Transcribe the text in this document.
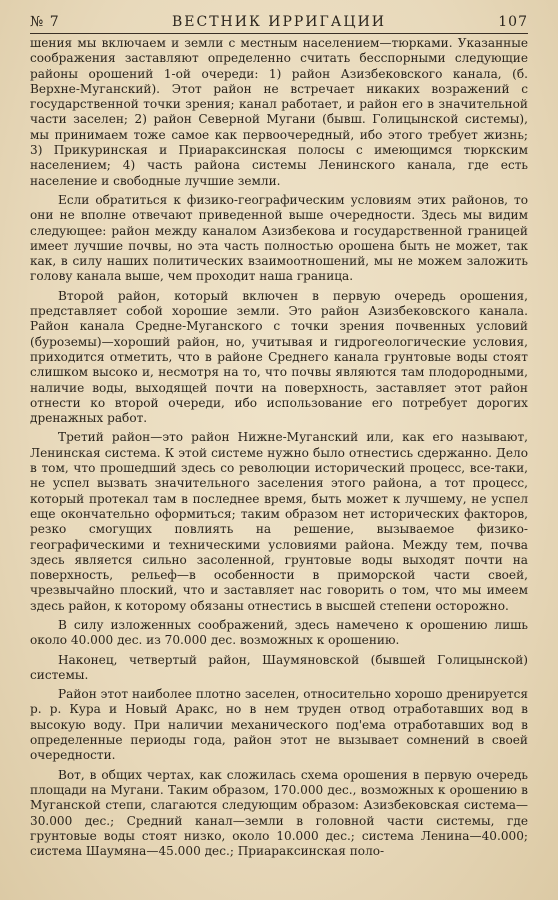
№ 7	ВЕСТНИК ИРРИГАЦИИ	107

шения мы включаем и земли с местным населением—тюрками. Указанные соображения заставляют определенно считать бесспорными следующие районы орошений 1-ой очереди: 1) район Азизбековского канала, (б. Верхне-Муганский). Этот район не встречает никаких возражений с государственной точки зрения; канал работает, и район его в значительной части заселен; 2) район Северной Мугани (бывш. Голицынской системы), мы принимаем тоже самое как первоочередный, ибо этого требует жизнь; 3) Прикуринская и Приараксинская полосы с имеющимся тюркским населением; 4) часть района системы Ленинского канала, где есть население и свободные лучшие земли.

Если обратиться к физико-географическим условиям этих районов, то они не вполне отвечают приведенной выше очередности. Здесь мы видим следующее: район между каналом Азизбекова и государственной границей имеет лучшие почвы, но эта часть полностью орошена быть не может, так как, в силу наших политических взаимоотношений, мы не можем заложить голову канала выше, чем проходит наша граница.

Второй район, который включен в первую очередь орошения, представляет собой хорошие земли. Это район Азизбековского канала. Район канала Средне-Муганского с точки зрения почвенных условий (буроземы)—хороший район, но, учитывая и гидрогеологические условия, приходится отметить, что в районе Среднего канала грунтовые воды стоят слишком высоко и, несмотря на то, что почвы являются там плодородными, наличие воды, выходящей почти на поверхность, заставляет этот район отнести ко второй очереди, ибо использование его потребует дорогих дренажных работ.

Третий район—это район Нижне-Муганский или, как его называют, Ленинская система. К этой системе нужно было отнестись сдержанно. Дело в том, что прошедший здесь со революции исторический процесс, все-таки, не успел вызвать значительного заселения этого района, а тот процесс, который протекал там в последнее время, быть может к лучшему, не успел еще окончательно оформиться; таким образом нет исторических факторов, резко смогущих повлиять на решение, вызываемое физико-географическими и техническими условиями района. Между тем, почва здесь является сильно засоленной, грунтовые воды выходят почти на поверхность, рельеф—в особенности в приморской части своей, чрезвычайно плоский, что и заставляет нас говорить о том, что мы имеем здесь район, к которому обязаны отнестись в высшей степени осторожно.

В силу изложенных соображений, здесь намечено к орошению лишь около 40.000 дес. из 70.000 дес. возможных к орошению.

Наконец, четвертый район, Шаумяновской (бывшей Голицынской) системы.

Район этот наиболее плотно заселен, относительно хорошо дренируется р. р. Кура и Новый Аракс, но в нем труден отвод отработавших вод в высокую воду. При наличии механического под'ема отработавших вод в определенные периоды года, район этот не вызывает сомнений в своей очередности.

Вот, в общих чертах, как сложилась схема орошения в первую очередь площади на Мугани. Таким образом, 170.000 дес., возможных к орошению в Муганской степи, слагаются следующим образом: Азизбековская система—30.000 дес.; Средний канал—земли в головной части системы, где грунтовые воды стоят низко, около 10.000 дес.; система Ленина—40.000; система Шаумяна—45.000 дес.; Приараксинская поло-
